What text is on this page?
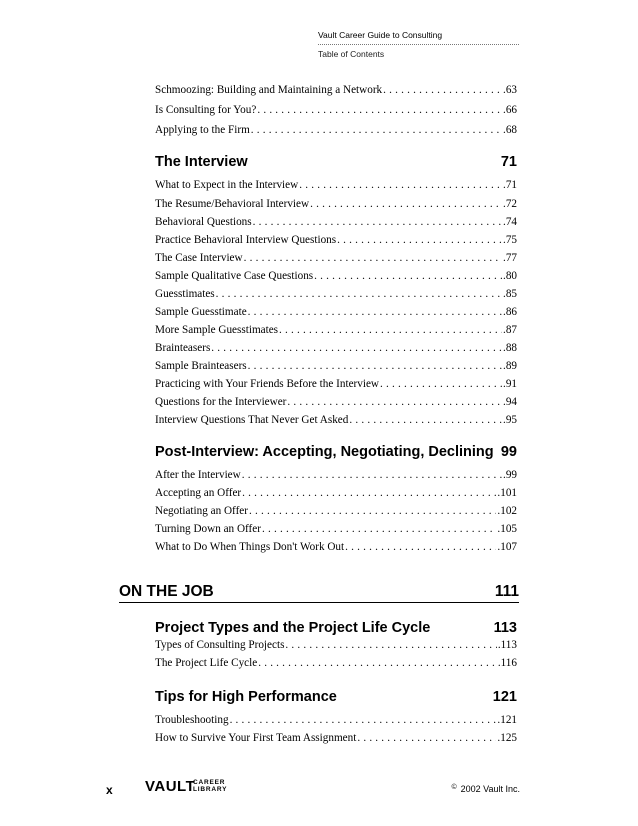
Vault Career Guide to Consulting
Table of Contents
Schmoozing: Building and Maintaining a Network . . .	.63
Is Consulting for You? . . .	.66
Applying to the Firm . . .	.68
The Interview	71
What to Expect in the Interview . . .	.71
The Resume/Behavioral Interview . . .	.72
Behavioral Questions . . .	.74
Practice Behavioral Interview Questions . . .	.75
The Case Interview . . .	.77
Sample Qualitative Case Questions . . .	.80
Guesstimates . . .	.85
Sample Guesstimate . . .	.86
More Sample Guesstimates . . .	.87
Brainteasers . . .	.88
Sample Brainteasers . . .	.89
Practicing with Your Friends Before the Interview . . .	.91
Questions for the Interviewer . . .	.94
Interview Questions That Never Get Asked . . .	.95
Post-Interview: Accepting, Negotiating, Declining 99
After the Interview . . .	.99
Accepting an Offer . . .	.101
Negotiating an Offer . . .	.102
Turning Down an Offer . . .	.105
What to Do When Things Don't Work Out . . .	.107
ON THE JOB	111
Project Types and the Project Life Cycle	113
Types of Consulting Projects . . .	.113
The Project Life Cycle . . .	.116
Tips for High Performance	121
Troubleshooting . . .	.121
How to Survive Your First Team Assignment . . .	.125
x VAULT
CAREER
LIBRARY	© 2002 Vault Inc.
